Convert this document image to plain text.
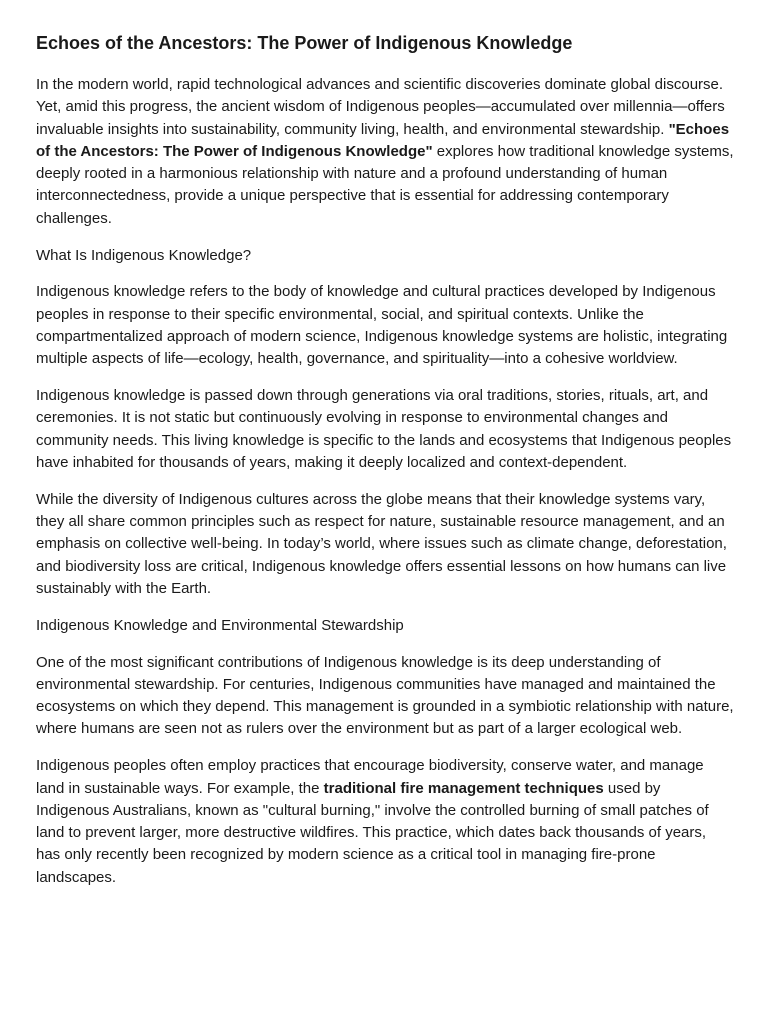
Echoes of the Ancestors: The Power of Indigenous Knowledge

In the modern world, rapid technological advances and scientific discoveries dominate global discourse. Yet, amid this progress, the ancient wisdom of Indigenous peoples—accumulated over millennia—offers invaluable insights into sustainability, community living, health, and environmental stewardship. "Echoes of the Ancestors: The Power of Indigenous Knowledge" explores how traditional knowledge systems, deeply rooted in a harmonious relationship with nature and a profound understanding of human interconnectedness, provide a unique perspective that is essential for addressing contemporary challenges.

What Is Indigenous Knowledge?

Indigenous knowledge refers to the body of knowledge and cultural practices developed by Indigenous peoples in response to their specific environmental, social, and spiritual contexts. Unlike the compartmentalized approach of modern science, Indigenous knowledge systems are holistic, integrating multiple aspects of life—ecology, health, governance, and spirituality—into a cohesive worldview.

Indigenous knowledge is passed down through generations via oral traditions, stories, rituals, art, and ceremonies. It is not static but continuously evolving in response to environmental changes and community needs. This living knowledge is specific to the lands and ecosystems that Indigenous peoples have inhabited for thousands of years, making it deeply localized and context-dependent.

While the diversity of Indigenous cultures across the globe means that their knowledge systems vary, they all share common principles such as respect for nature, sustainable resource management, and an emphasis on collective well-being. In today’s world, where issues such as climate change, deforestation, and biodiversity loss are critical, Indigenous knowledge offers essential lessons on how humans can live sustainably with the Earth.

Indigenous Knowledge and Environmental Stewardship

One of the most significant contributions of Indigenous knowledge is its deep understanding of environmental stewardship. For centuries, Indigenous communities have managed and maintained the ecosystems on which they depend. This management is grounded in a symbiotic relationship with nature, where humans are seen not as rulers over the environment but as part of a larger ecological web.

Indigenous peoples often employ practices that encourage biodiversity, conserve water, and manage land in sustainable ways. For example, the traditional fire management techniques used by Indigenous Australians, known as "cultural burning," involve the controlled burning of small patches of land to prevent larger, more destructive wildfires. This practice, which dates back thousands of years, has only recently been recognized by modern science as a critical tool in managing fire-prone landscapes.
